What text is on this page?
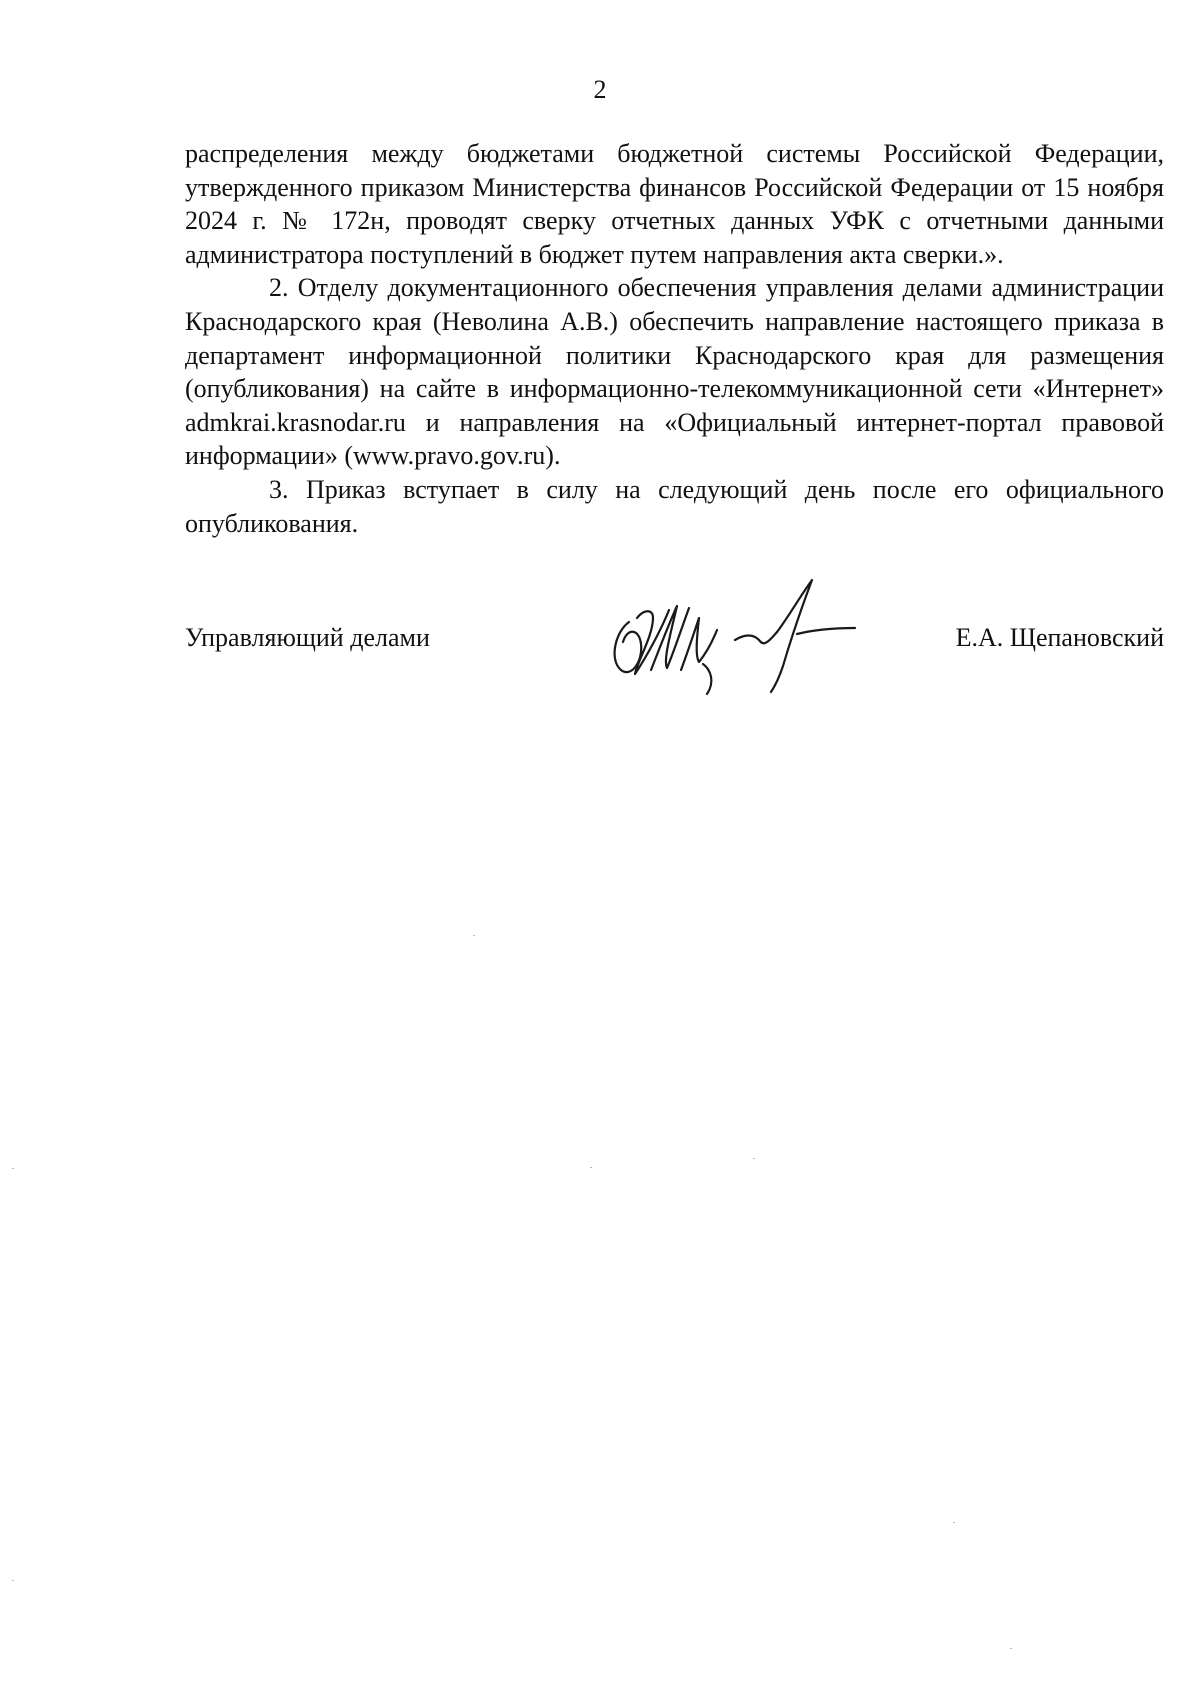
2

распределения между бюджетами бюджетной системы Российской Федерации, утвержденного приказом Министерства финансов Российской Федерации от 15 ноября 2024 г. № 172н, проводят сверку отчетных данных УФК с отчетными данными администратора поступлений в бюджет путем направления акта сверки.».

2. Отделу документационного обеспечения управления делами администрации Краснодарского края (Неволина А.В.) обеспечить направление настоящего приказа в департамент информационной политики Краснодарского края для размещения (опубликования) на сайте в информационно-телекоммуникационной сети «Интернет» admkrai.krasnodar.ru и направления на «Официальный интернет-портал правовой информации» (www.pravo.gov.ru).

3. Приказ вступает в силу на следующий день после его официального опубликования.

Управляющий делами	Е.А. Щепановский
